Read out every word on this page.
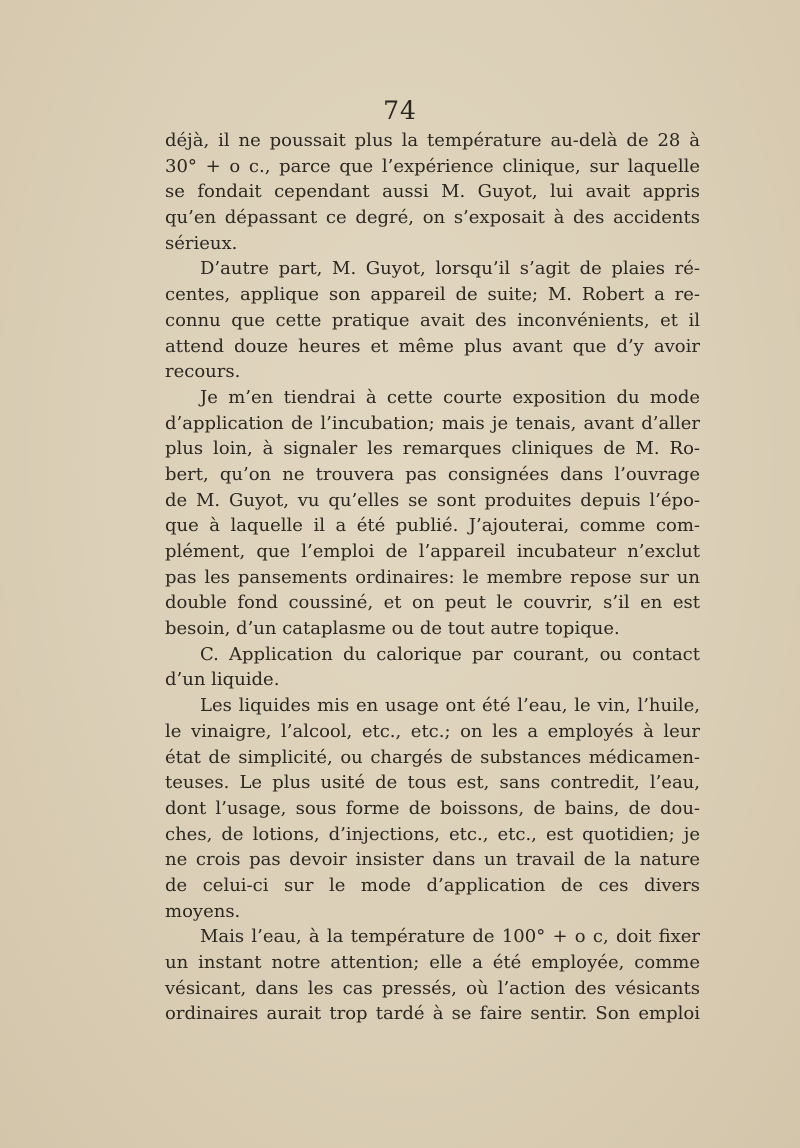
74
déjà, il ne poussait plus la température au-delà de 28 à
30° + o c., parce que l’expérience clinique, sur laquelle
se fondait cependant aussi M. Guyot, lui avait appris
qu’en dépassant ce degré, on s’exposait à des accidents
sérieux.
D’autre part, M. Guyot, lorsqu’il s’agit de plaies ré-
centes, applique son appareil de suite; M. Robert a re-
connu que cette pratique avait des inconvénients, et il
attend douze heures et même plus avant que d’y avoir
recours.
Je m’en tiendrai à cette courte exposition du mode
d’application de l’incubation; mais je tenais, avant d’aller
plus loin, à signaler les remarques cliniques de M. Ro-
bert, qu’on ne trouvera pas consignées dans l’ouvrage
de M. Guyot, vu qu’elles se sont produites depuis l’épo-
que à laquelle il a été publié. J’ajouterai, comme com-
plément, que l’emploi de l’appareil incubateur n’exclut
pas les pansements ordinaires: le membre repose sur un
double fond coussiné, et on peut le couvrir, s’il en est
besoin, d’un cataplasme ou de tout autre topique.
C. Application du calorique par courant, ou contact
d’un liquide.
Les liquides mis en usage ont été l’eau, le vin, l’huile,
le vinaigre, l’alcool, etc., etc.; on les a employés à leur
état de simplicité, ou chargés de substances médicamen-
teuses. Le plus usité de tous est, sans contredit, l’eau,
dont l’usage, sous forme de boissons, de bains, de dou-
ches, de lotions, d’injections, etc., etc., est quotidien; je
ne crois pas devoir insister dans un travail de la nature
de celui-ci sur le mode d’application de ces divers
moyens.
Mais l’eau, à la température de 100° + o c, doit fixer
un instant notre attention; elle a été employée, comme
vésicant, dans les cas pressés, où l’action des vésicants
ordinaires aurait trop tardé à se faire sentir. Son emploi
